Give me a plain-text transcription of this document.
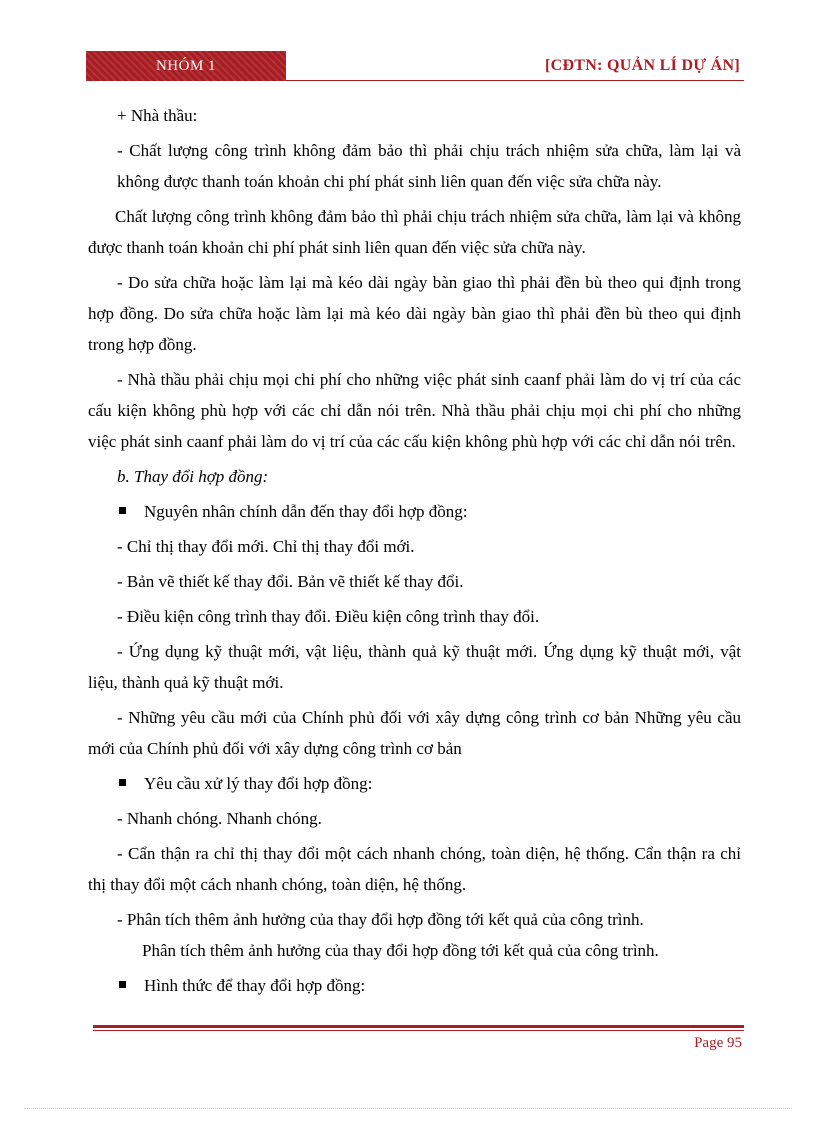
NHÓM 1	[CĐTN: QUẢN LÍ DỰ ÁN]

+ Nhà thầu:

- Chất lượng công trình không đảm bảo thì phải chịu trách nhiệm sửa chữa, làm lại và không được thanh toán khoản chi phí phát sinh liên quan đến việc sửa chữa này.

Chất lượng công trình không đảm bảo thì phải chịu trách nhiệm sửa chữa, làm lại và không được thanh toán khoản chi phí phát sinh liên quan đến việc sửa chữa này.

- Do sửa chữa hoặc làm lại mà kéo dài ngày bàn giao thì phải đền bù theo qui định trong hợp đồng. Do sửa chữa hoặc làm lại mà kéo dài ngày bàn giao thì phải đền bù theo qui định trong hợp đồng.

- Nhà thầu phải chịu mọi chi phí cho những việc phát sinh caanf phải làm do vị trí của các cấu kiện không phù hợp với các chỉ dẫn nói trên. Nhà thầu phải chịu mọi chi phí cho những việc phát sinh caanf phải làm do vị trí của các cấu kiện không phù hợp với các chỉ dẫn nói trên.

b. Thay đổi hợp đồng:

Nguyên nhân chính dẫn đến thay đổi hợp đồng:

- Chỉ thị thay đổi mới. Chỉ thị thay đổi mới.

- Bản vẽ thiết kế thay đổi. Bản vẽ thiết kế thay đổi.

- Điều kiện công trình thay đổi. Điều kiện công trình thay đổi.

- Ứng dụng kỹ thuật mới, vật liệu, thành quả kỹ thuật mới. Ứng dụng kỹ thuật mới, vật liệu, thành quả kỹ thuật mới.

- Những yêu cầu mới của Chính phủ đối với xây dựng công trình cơ bản Những yêu cầu mới của Chính phủ đối với xây dựng công trình cơ bản

Yêu cầu xử lý thay đổi hợp đồng:

- Nhanh chóng. Nhanh chóng.

- Cẩn thận ra chỉ thị thay đổi một cách nhanh chóng, toàn diện, hệ thống. Cẩn thận ra chỉ thị thay đổi một cách nhanh chóng, toàn diện, hệ thống.

- Phân tích thêm ảnh hưởng của thay đổi hợp đồng tới kết quả của công trình.

Phân tích thêm ảnh hưởng của thay đổi hợp đồng tới kết quả của công trình.

Hình thức để thay đổi hợp đồng:

Page 95
